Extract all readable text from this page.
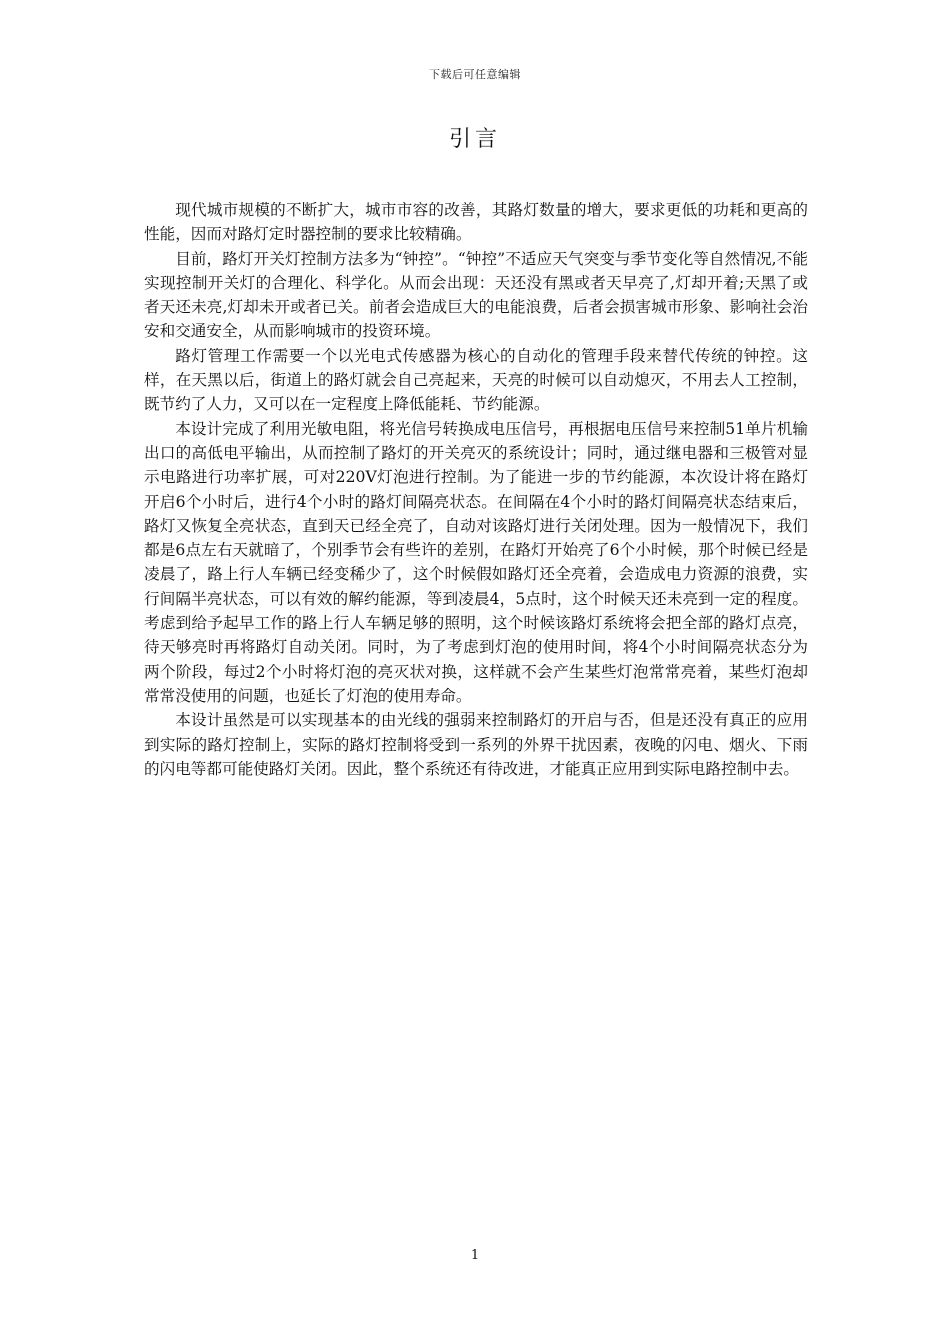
下载后可任意编辑
引言

现代城市规模的不断扩大，城市市容的改善，其路灯数量的增大，要求更低的功耗和更高的性能，因而对路灯定时器控制的要求比较精确。

目前，路灯开关灯控制方法多为“钟控”。“钟控”不适应天气突变与季节变化等自然情况,不能实现控制开关灯的合理化、科学化。从而会出现：天还没有黑或者天早亮了,灯却开着;天黑了或者天还未亮,灯却未开或者已关。前者会造成巨大的电能浪费，后者会损害城市形象、影响社会治安和交通安全，从而影响城市的投资环境。

路灯管理工作需要一个以光电式传感器为核心的自动化的管理手段来替代传统的钟控。这样，在天黑以后，街道上的路灯就会自己亮起来，天亮的时候可以自动熄灭，不用去人工控制，既节约了人力，又可以在一定程度上降低能耗、节约能源。

本设计完成了利用光敏电阻，将光信号转换成电压信号，再根据电压信号来控制51单片机输出口的高低电平输出，从而控制了路灯的开关亮灭的系统设计；同时，通过继电器和三极管对显示电路进行功率扩展，可对220V灯泡进行控制。为了能进一步的节约能源，本次设计将在路灯开启6个小时后，进行4个小时的路灯间隔亮状态。在间隔在4个小时的路灯间隔亮状态结束后，路灯又恢复全亮状态，直到天已经全亮了，自动对该路灯进行关闭处理。因为一般情况下，我们都是6点左右天就暗了，个别季节会有些许的差别，在路灯开始亮了6个小时候，那个时候已经是凌晨了，路上行人车辆已经变稀少了，这个时候假如路灯还全亮着，会造成电力资源的浪费，实行间隔半亮状态，可以有效的解约能源，等到凌晨4，5点时，这个时候天还未亮到一定的程度。考虑到给予起早工作的路上行人车辆足够的照明，这个时候该路灯系统将会把全部的路灯点亮，待天够亮时再将路灯自动关闭。同时，为了考虑到灯泡的使用时间，将4个小时间隔亮状态分为两个阶段，每过2个小时将灯泡的亮灭状对换，这样就不会产生某些灯泡常常亮着，某些灯泡却常常没使用的问题，也延长了灯泡的使用寿命。

本设计虽然是可以实现基本的由光线的强弱来控制路灯的开启与否，但是还没有真正的应用到实际的路灯控制上，实际的路灯控制将受到一系列的外界干扰因素，夜晚的闪电、烟火、下雨的闪电等都可能使路灯关闭。因此，整个系统还有待改进，才能真正应用到实际电路控制中去。

1
